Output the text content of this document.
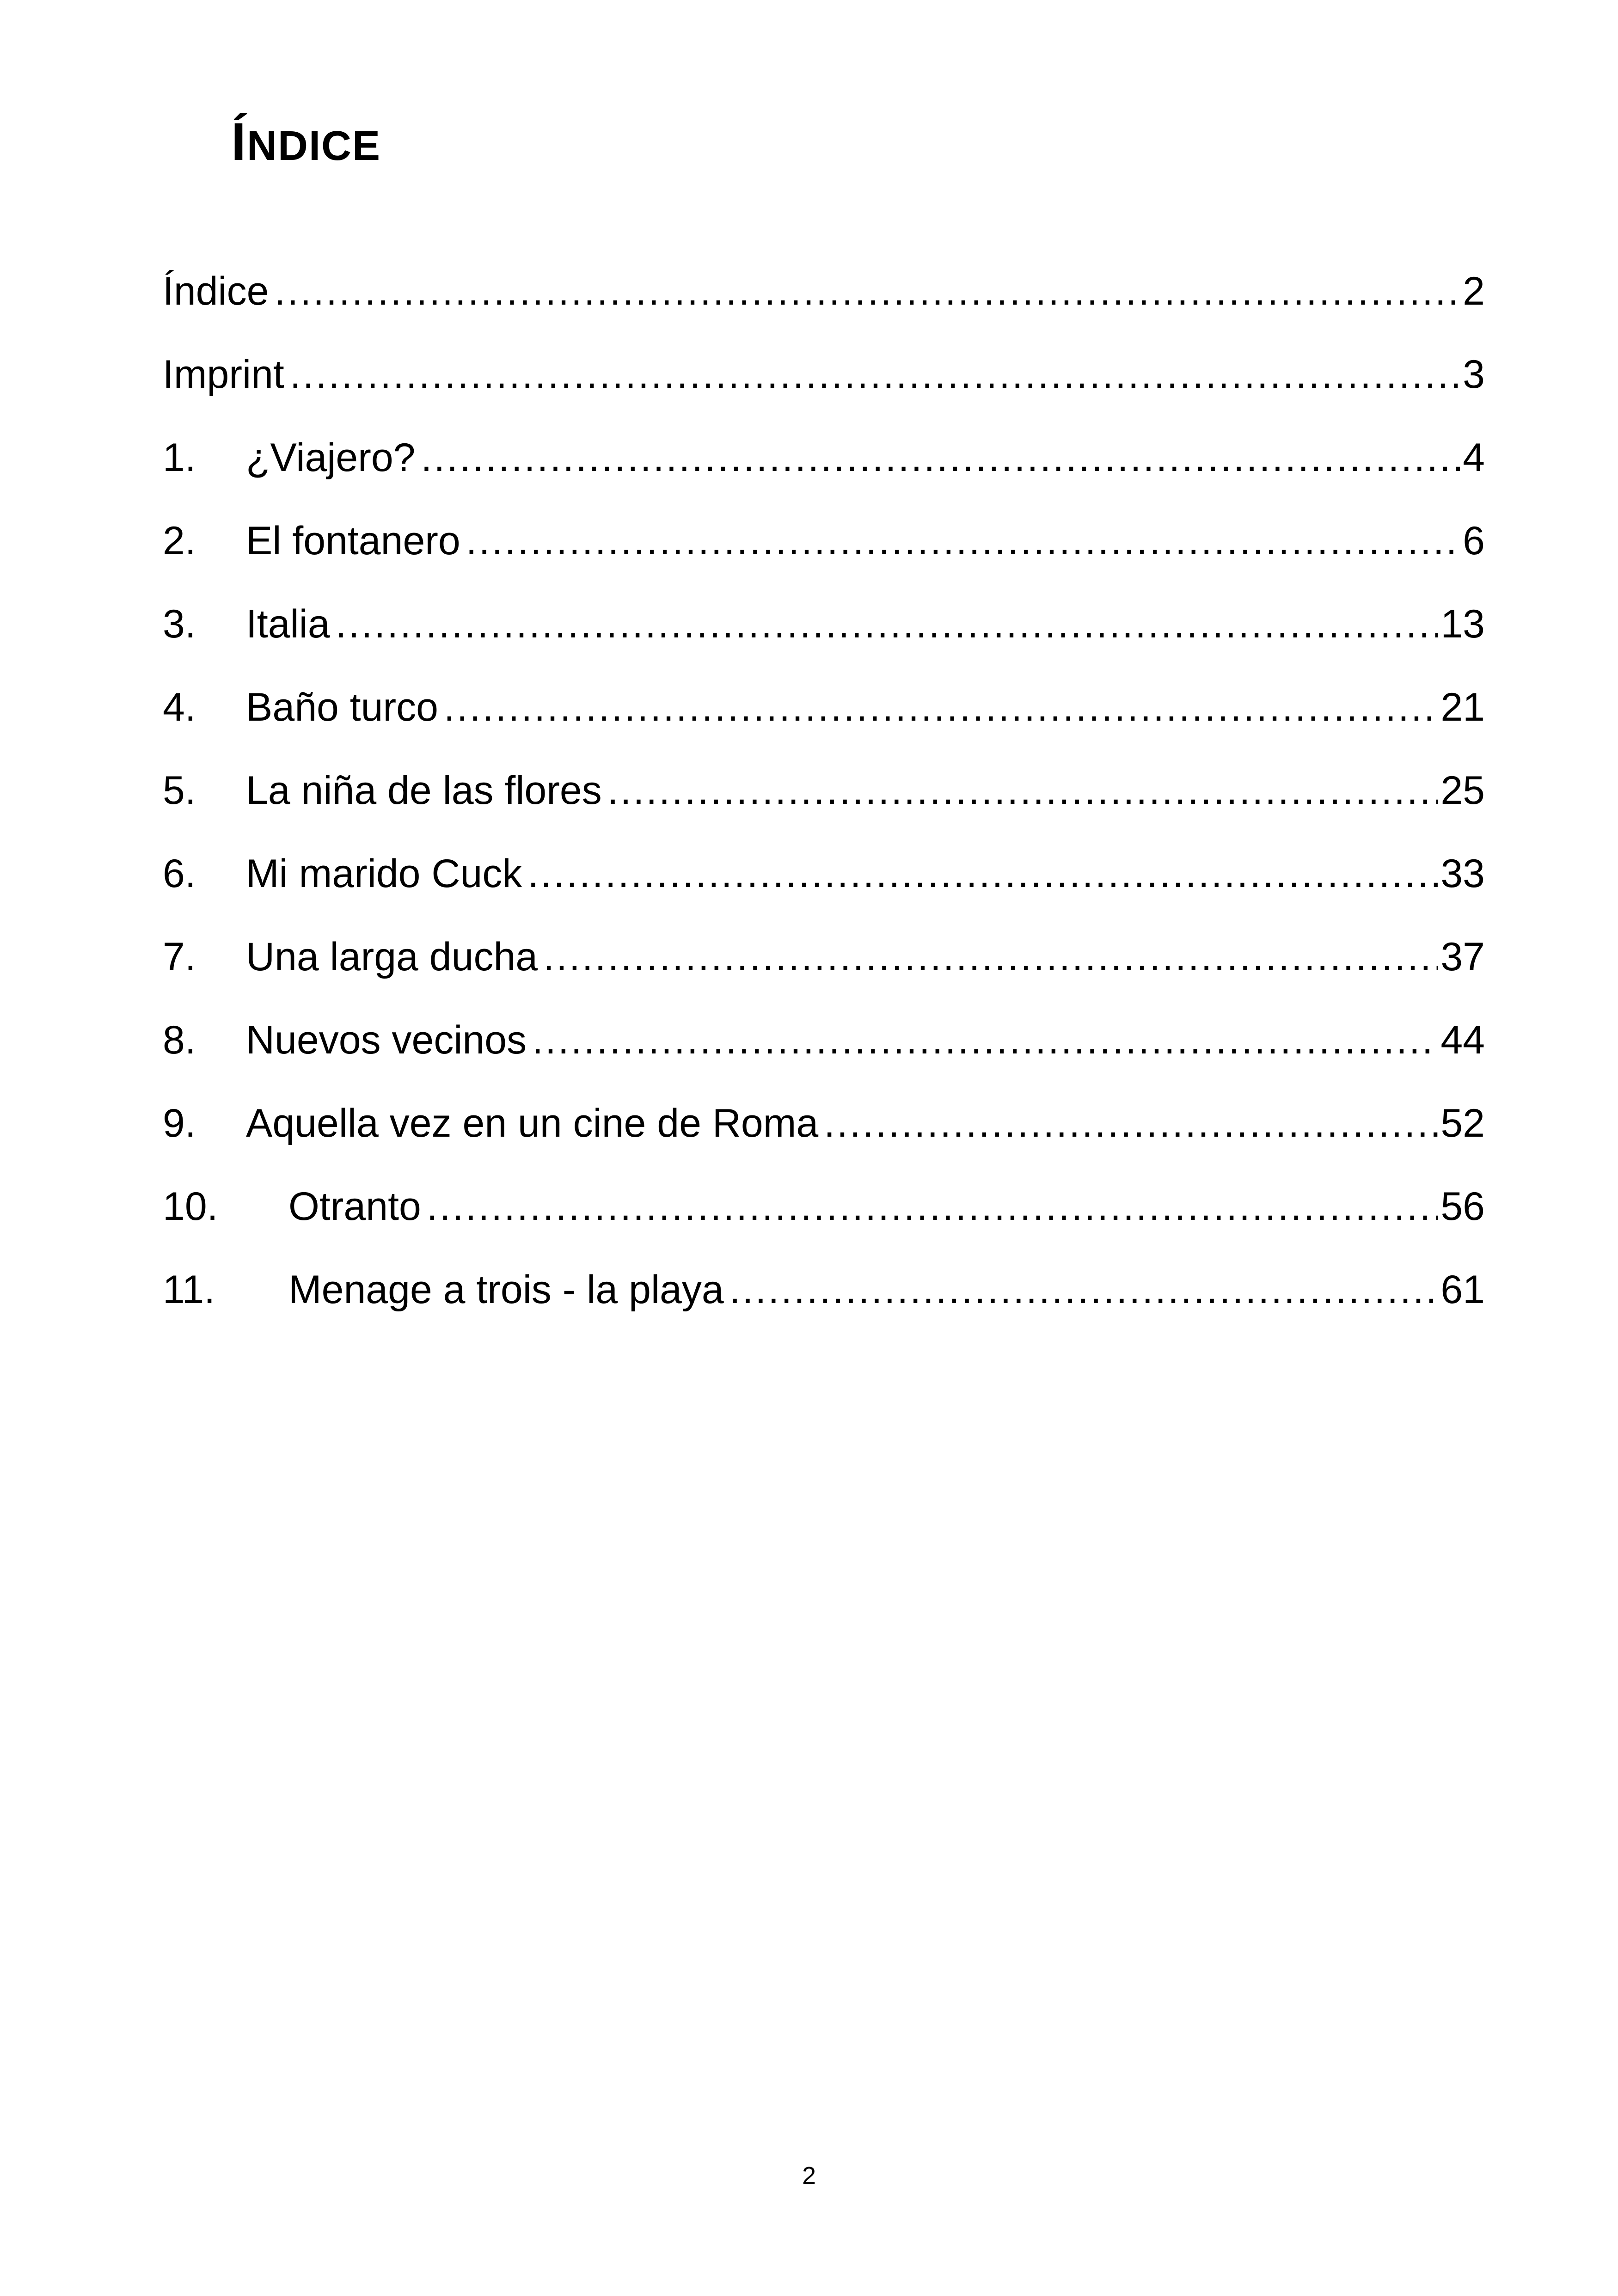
ÍNDICE
Índice .....	2
Imprint .....	3
1.	¿Viajero? .....	4
2.	El fontanero .....	6
3.	Italia .....	13
4.	Baño turco .....	21
5.	La niña de las flores .....	25
6.	Mi marido Cuck .....	33
7.	Una larga ducha .....	37
8.	Nuevos vecinos .....	44
9.	Aquella vez en un cine de Roma .....	52
10.	Otranto .....	56
11.	Menage a trois - la playa .....	61
2
